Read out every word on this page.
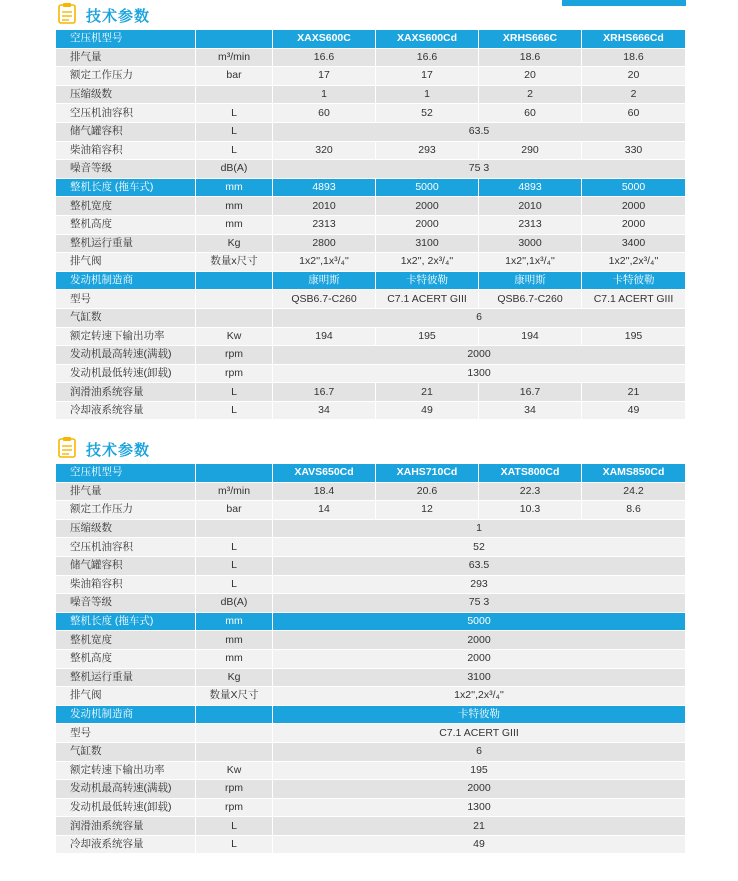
技术参数
空压机型号		XAXS600C	XAXS600Cd	XRHS666C	XRHS666Cd
排气量	m³/min	16.6	16.6	18.6	18.6
额定工作压力	bar	17	17	20	20
压缩级数		1	1	2	2
空压机油容积	L	60	52	60	60
储气罐容积	L	63.5			
柴油箱容积	L	320	293	290	330
噪音等级	dB(A)	75 3			
整机长度 (拖车式)	mm	4893	5000	4893	5000
整机宽度	mm	2010	2000	2010	2000
整机高度	mm	2313	2000	2313	2000
整机运行重量	Kg	2800	3100	3000	3400
排气阀	数量x尺寸	1x2'',1x³/₄''	1x2'', 2x³/₄''	1x2'',1x³/₄''	1x2'',2x³/₄''
发动机制造商		康明斯	卡特彼勒	康明斯	卡特彼勒
型号		QSB6.7-C260	C7.1 ACERT GIII	QSB6.7-C260	C7.1 ACERT GIII
气缸数		6			
额定转速下输出功率	Kw	194	195	194	195
发动机最高转速(满载)	rpm	2000			
发动机最低转速(卸载)	rpm	1300			
润滑油系统容量	L	16.7	21	16.7	21
冷却液系统容量	L	34	49	34	49
技术参数
空压机型号		XAVS650Cd	XAHS710Cd	XATS800Cd	XAMS850Cd
排气量	m³/min	18.4	20.6	22.3	24.2
额定工作压力	bar	14	12	10.3	8.6
压缩级数		1			
空压机油容积	L	52			
储气罐容积	L	63.5			
柴油箱容积	L	293			
噪音等级	dB(A)	75 3			
整机长度 (拖车式)	mm	5000			
整机宽度	mm	2000			
整机高度	mm	2000			
整机运行重量	Kg	3100			
排气阀	数量X尺寸	1x2'',2x³/₄''			
发动机制造商		卡特彼勒			
型号		C7.1 ACERT GIII			
气缸数		6			
额定转速下输出功率	Kw	195			
发动机最高转速(满载)	rpm	2000			
发动机最低转速(卸载)	rpm	1300			
润滑油系统容量	L	21			
冷却液系统容量	L	49			
